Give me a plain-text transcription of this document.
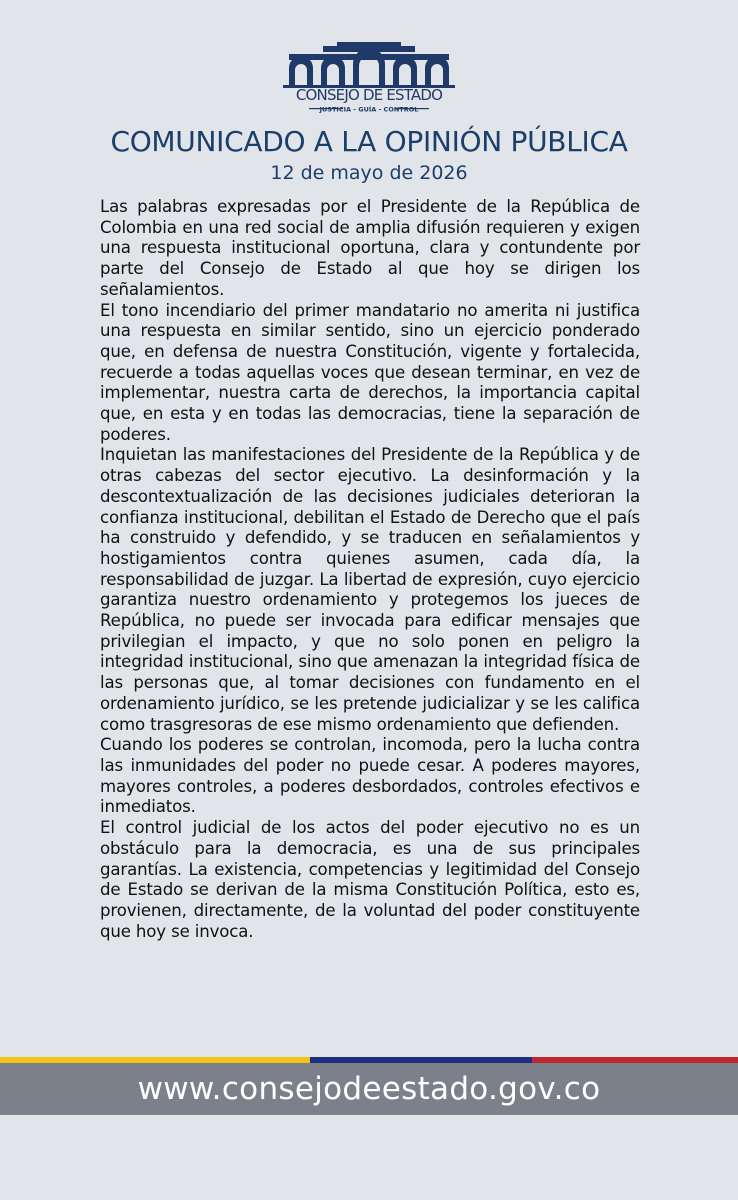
CONSEJO DE ESTADO
JUSTICIA - GUÍA - CONTROL
COMUNICADO A LA OPINIÓN PÚBLICA
12 de mayo de 2026

Las palabras expresadas por el Presidente de la República de Colombia en una red social de amplia difusión requieren y exigen una respuesta institucional oportuna, clara y contundente por parte del Consejo de Estado al que hoy se dirigen los señalamientos.

El tono incendiario del primer mandatario no amerita ni justifica una respuesta en similar sentido, sino un ejercicio ponderado que, en defensa de nuestra Constitución, vigente y fortalecida, recuerde a todas aquellas voces que desean terminar, en vez de implementar, nuestra carta de derechos, la importancia capital que, en esta y en todas las democracias, tiene la separación de poderes.

Inquietan las manifestaciones del Presidente de la República y de otras cabezas del sector ejecutivo. La desinformación y la descontextualización de las decisiones judiciales deterioran la confianza institucional, debilitan el Estado de Derecho que el país ha construido y defendido, y se traducen en señalamientos y hostigamientos contra quienes asumen, cada día, la responsabilidad de juzgar. La libertad de expresión, cuyo ejercicio garantiza nuestro ordenamiento y protegemos los jueces de República, no puede ser invocada para edificar mensajes que privilegian el impacto, y que no solo ponen en peligro la integridad institucional, sino que amenazan la integridad física de las personas que, al tomar decisiones con fundamento en el ordenamiento jurídico, se les pretende judicializar y se les califica como trasgresoras de ese mismo ordenamiento que defienden.

Cuando los poderes se controlan, incomoda, pero la lucha contra las inmunidades del poder no puede cesar. A poderes mayores, mayores controles, a poderes desbordados, controles efectivos e inmediatos.

El control judicial de los actos del poder ejecutivo no es un obstáculo para la democracia, es una de sus principales garantías. La existencia, competencias y legitimidad del Consejo de Estado se derivan de la misma Constitución Política, esto es, provienen, directamente, de la voluntad del poder constituyente que hoy se invoca.

www.consejodeestado.gov.co
